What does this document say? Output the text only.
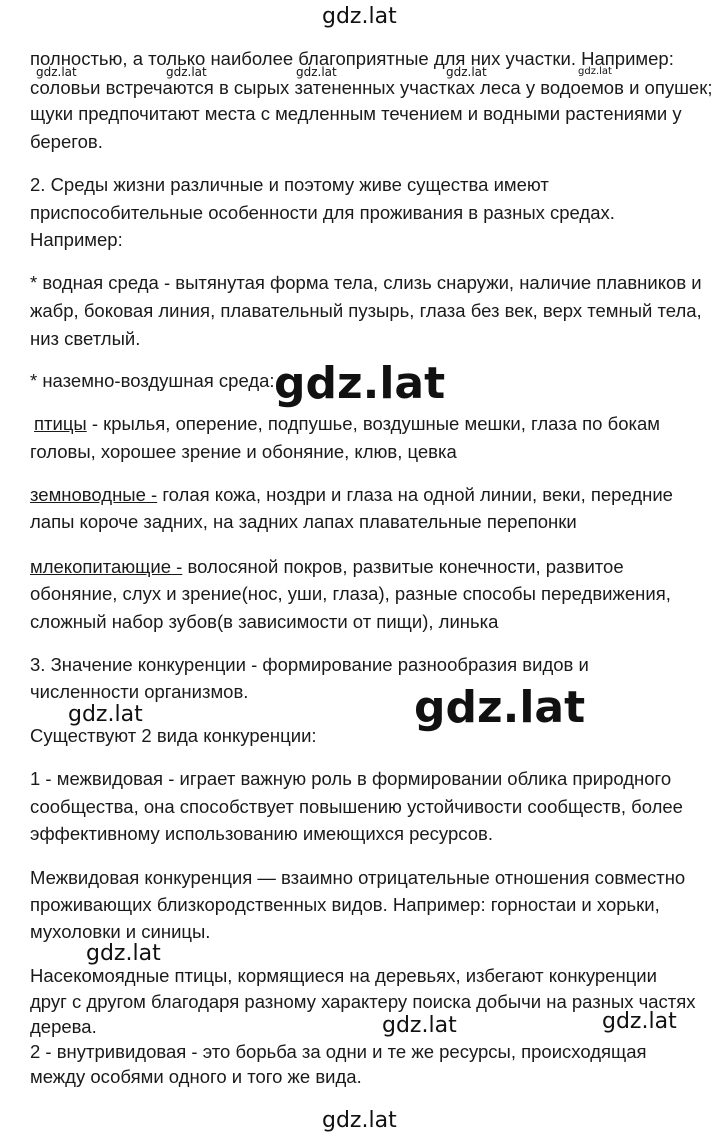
gdz.lat
gdz.lat	gdz.lat	gdz.lat	gdz.lat	gdz.lat
полностью, а только наиболее благоприятные для них участки. Например:
соловьи встречаются в сырых затененных участках леса у водоемов и опушек;
щуки предпочитают места с медленным течением и водными растениями у
берегов.
2. Среды жизни различные и поэтому живе существа имеют
приспособительные особенности для проживания в разных средах.
Например:
* водная среда - вытянутая форма тела, слизь снаружи, наличие плавников и
жабр, боковая линия, плавательный пузырь, глаза без век, верх темный тела,
низ светлый.
* наземно-воздушная среда: gdz.lat
птицы - крылья, оперение, подпушье, воздушные мешки, глаза по бокам
головы, хорошее зрение и обоняние, клюв, цевка
земноводные - голая кожа, ноздри и глаза на одной линии, веки, передние
лапы короче задних, на задних лапах плавательные перепонки
млекопитающие - волосяной покров, развитые конечности, развитое
обоняние, слух и зрение(нос, уши, глаза), разные способы передвижения,
сложный набор зубов(в зависимости от пищи), линька
3. Значение конкуренции - формирование разнообразия видов и
численности организмов.
gdz.lat	gdz.lat
Существуют 2 вида конкуренции:
1 - межвидовая - играет важную роль в формировании облика природного
сообщества, она способствует повышению устойчивости сообществ, более
эффективному использованию имеющихся ресурсов.
Межвидовая конкуренция — взаимно отрицательные отношения совместно
проживающих близкородственных видов. Например: горностаи и хорьки,
мухоловки и синицы.
gdz.lat
Насекомоядные птицы, кормящиеся на деревьях, избегают конкуренции
друг с другом благодаря разному характеру поиска добычи на разных частях
дерева.	gdz.lat	gdz.lat
2 - внутривидовая - это борьба за одни и те же ресурсы, происходящая
между особями одного и того же вида.
gdz.lat
